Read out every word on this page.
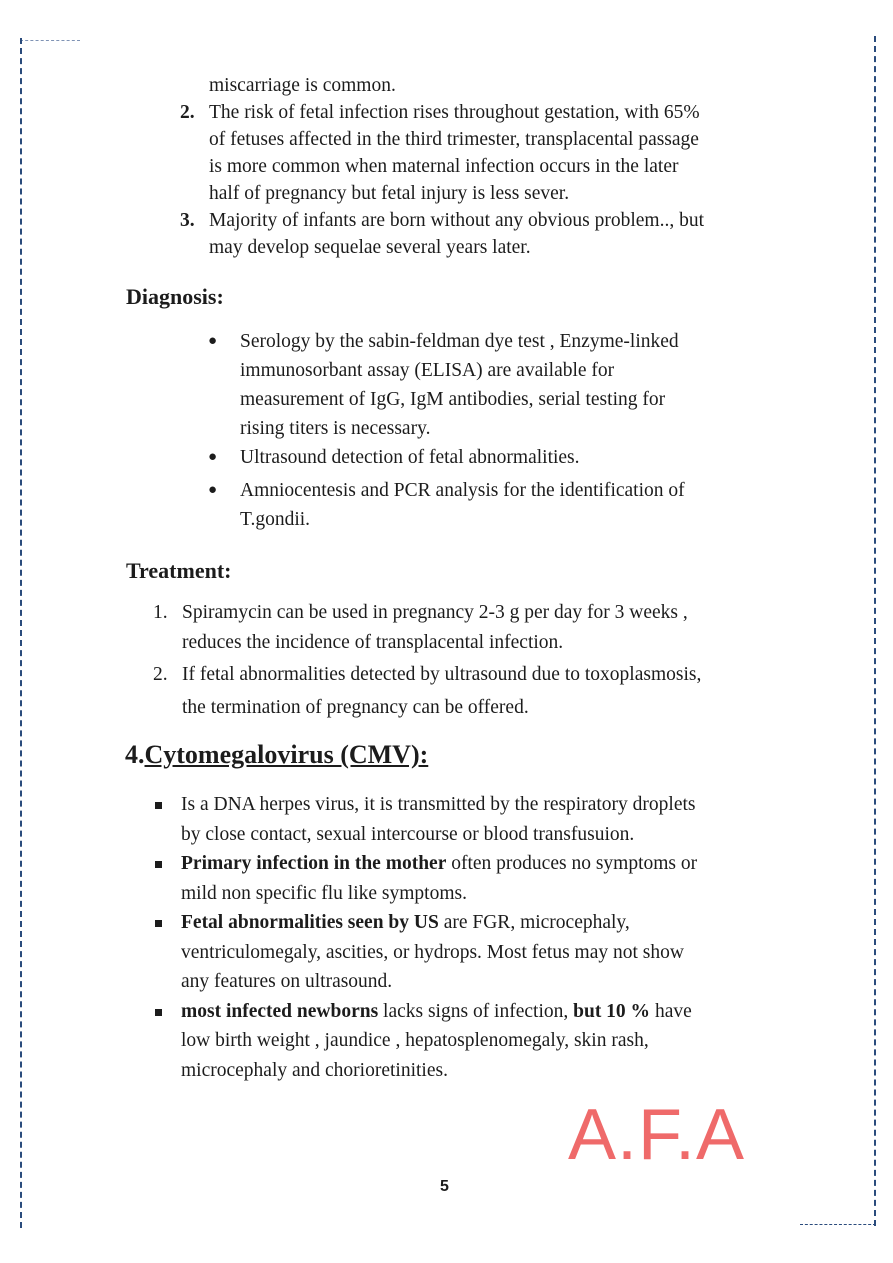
miscarriage is common.
2. The risk of fetal infection rises throughout gestation, with 65%
of fetuses affected in the third trimester, transplacental passage
is more common when maternal infection occurs in the later
half of pregnancy but fetal injury is less sever.
3. Majority of infants are born without any obvious problem.., but
may develop sequelae several years later.
Diagnosis:
●	Serology by the sabin-feldman dye test , Enzyme-linked
immunosorbant assay (ELISA) are available for
measurement of IgG, IgM antibodies, serial testing for
rising titers is necessary.
●	Ultrasound detection of fetal abnormalities.
●	Amniocentesis and PCR analysis for the identification of
T.gondii.
Treatment:
1. Spiramycin can be used in pregnancy 2-3 g per day for 3 weeks ,
reduces the incidence of transplacental infection.
2. If fetal abnormalities detected by ultrasound due to toxoplasmosis,
the termination of pregnancy can be offered.
4.Cytomegalovirus (CMV):
Is a DNA herpes virus, it is transmitted by the respiratory droplets
by close contact, sexual intercourse or blood transfusuion.
Primary infection in the mother often produces no symptoms or
mild non specific flu like symptoms.
Fetal abnormalities seen by US are FGR, microcephaly,
ventriculomegaly, ascities, or hydrops. Most fetus may not show
any features on ultrasound.
most infected newborns lacks signs of infection, but 10 % have
low birth weight , jaundice , hepatosplenomegaly, skin rash,
microcephaly and chorioretinities.
A.F.A
5
